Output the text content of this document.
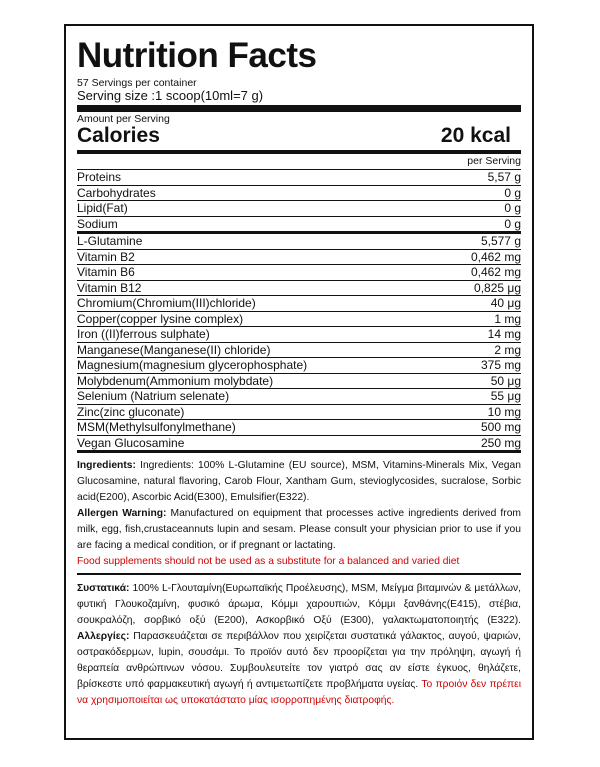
Nutrition Facts
57 Servings per container
Serving size :1 scoop(10ml=7 g)
Amount per Serving
Calories	20 kcal
per Serving
Proteins	5,57 g
Carbohydrates	0 g
Lipid(Fat)	0 g
Sodium	0 g
L-Glutamine	5,577 g
Vitamin B2	0,462 mg
Vitamin B6	0,462 mg
Vitamin B12	0,825 μg
Chromium(Chromium(III)chloride)	40 μg
Copper(copper lysine complex)	1 mg
Iron ((II)ferrous sulphate)	14 mg
Manganese(Manganese(II) chloride)	2 mg
Magnesium(magnesium glycerophosphate)	375 mg
Molybdenum(Ammonium molybdate)	50 μg
Selenium (Natrium selenate)	55 μg
Zinc(zinc gluconate)	10 mg
MSM(Methylsulfonylmethane)	500 mg
Vegan Glucosamine	250 mg
Ingredients: Ingredients: 100% L-Glutamine (EU source), MSM, Vitamins-Minerals Mix, Vegan Glucosamine, natural flavoring, Carob Flour, Xantham Gum, stevioglycosides, sucralose, Sorbic acid(E200), Ascorbic Acid(E300), Emulsifier(E322).
Allergen Warning: Manufactured on equipment that processes active ingredients derived from milk, egg, fish,crustaceannuts lupin and sesam. Please consult your physician prior to use if you are facing a medical condition, or if pregnant or lactating.
Food supplements should not be used as a substitute for a balanced and varied diet
Συστατικά: 100% L-Γλουταμίνη(Ευρωπαϊκής Προέλευσης), MSM, Μείγμα βιταμινών & μετάλλων, φυτική Γλουκοζαμίνη, φυσικό άρωμα, Κόμμι χαρουπιών, Κόμμι ξανθάνης(E415), στέβια, σουκραλόζη, σορβικό οξύ (Ε200), Ασκορβικό Οξύ (Ε300), γαλακτωματοποιητής (Ε322). Αλλεργίες: Παρασκευάζεται σε περιβάλλον που χειρίζεται συστατικά γάλακτος, αυγού, ψαριών, οστρακόδερμων, lupin, σουσάμι. Το προϊόν αυτό δεν προορίζεται για την πρόληψη, αγωγή ή θεραπεία ανθρώπινων νόσου. Συμβουλευτείτε τον γιατρό σας αν είστε έγκυος, θηλάζετε, βρίσκεστε υπό φαρμακευτική αγωγή ή αντιμετωπίζετε προβλήματα υγείας. Το προιόν δεν πρέπει να χρησιμοποιείται ως υποκατάστατο μίας ισορροπημένης διατροφής.
